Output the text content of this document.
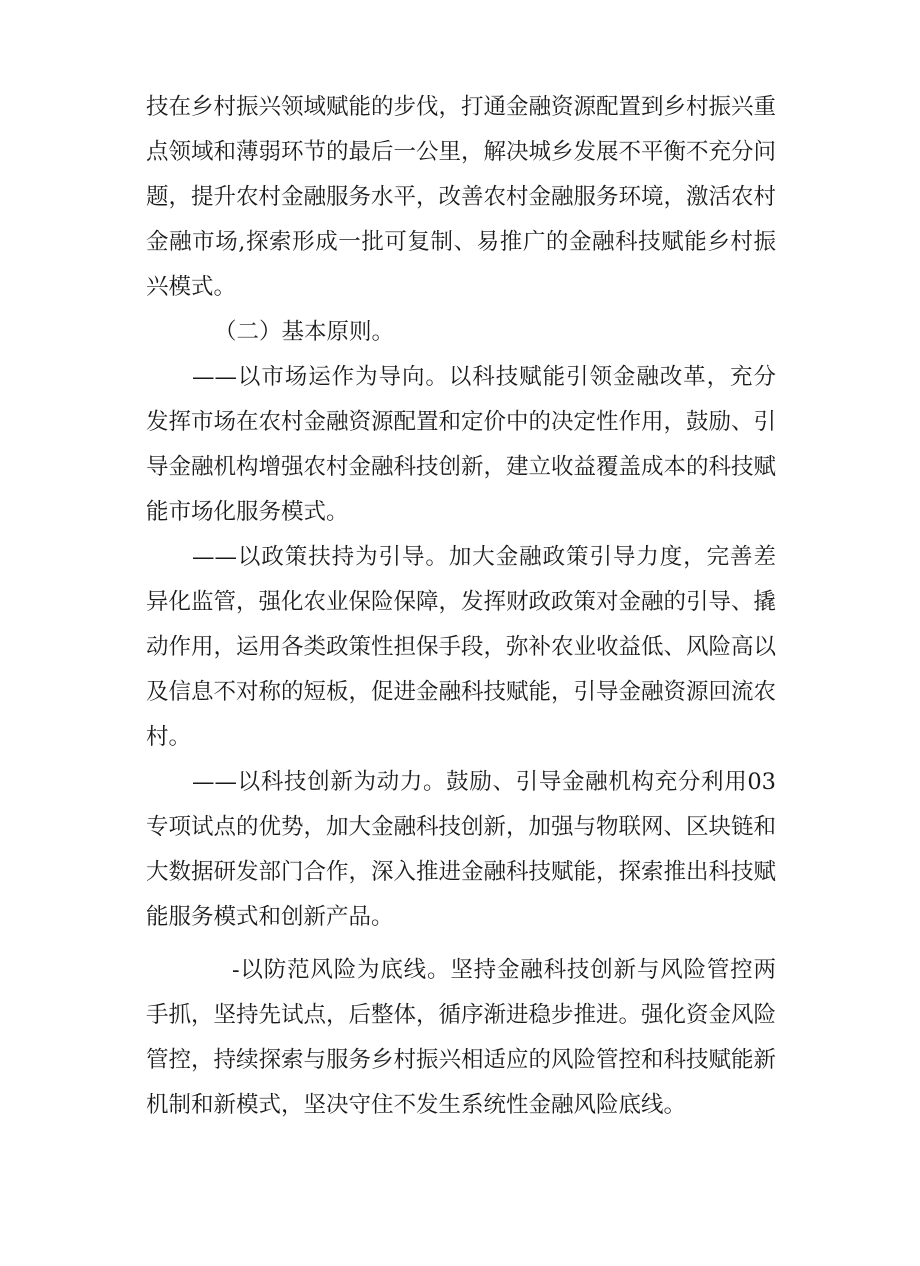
技在乡村振兴领域赋能的步伐，打通金融资源配置到乡村振兴重点领域和薄弱环节的最后一公里，解决城乡发展不平衡不充分问题，提升农村金融服务水平，改善农村金融服务环境，激活农村金融市场,探索形成一批可复制、易推广的金融科技赋能乡村振兴模式。

（二）基本原则。

——以市场运作为导向。以科技赋能引领金融改革，充分发挥市场在农村金融资源配置和定价中的决定性作用，鼓励、引导金融机构增强农村金融科技创新，建立收益覆盖成本的科技赋能市场化服务模式。

——以政策扶持为引导。加大金融政策引导力度，完善差异化监管，强化农业保险保障，发挥财政政策对金融的引导、撬动作用，运用各类政策性担保手段，弥补农业收益低、风险高以及信息不对称的短板，促进金融科技赋能，引导金融资源回流农村。

——以科技创新为动力。鼓励、引导金融机构充分利用03专项试点的优势，加大金融科技创新，加强与物联网、区块链和大数据研发部门合作，深入推进金融科技赋能，探索推出科技赋能服务模式和创新产品。

-以防范风险为底线。坚持金融科技创新与风险管控两手抓，坚持先试点，后整体，循序渐进稳步推进。强化资金风险管控，持续探索与服务乡村振兴相适应的风险管控和科技赋能新机制和新模式，坚决守住不发生系统性金融风险底线。
